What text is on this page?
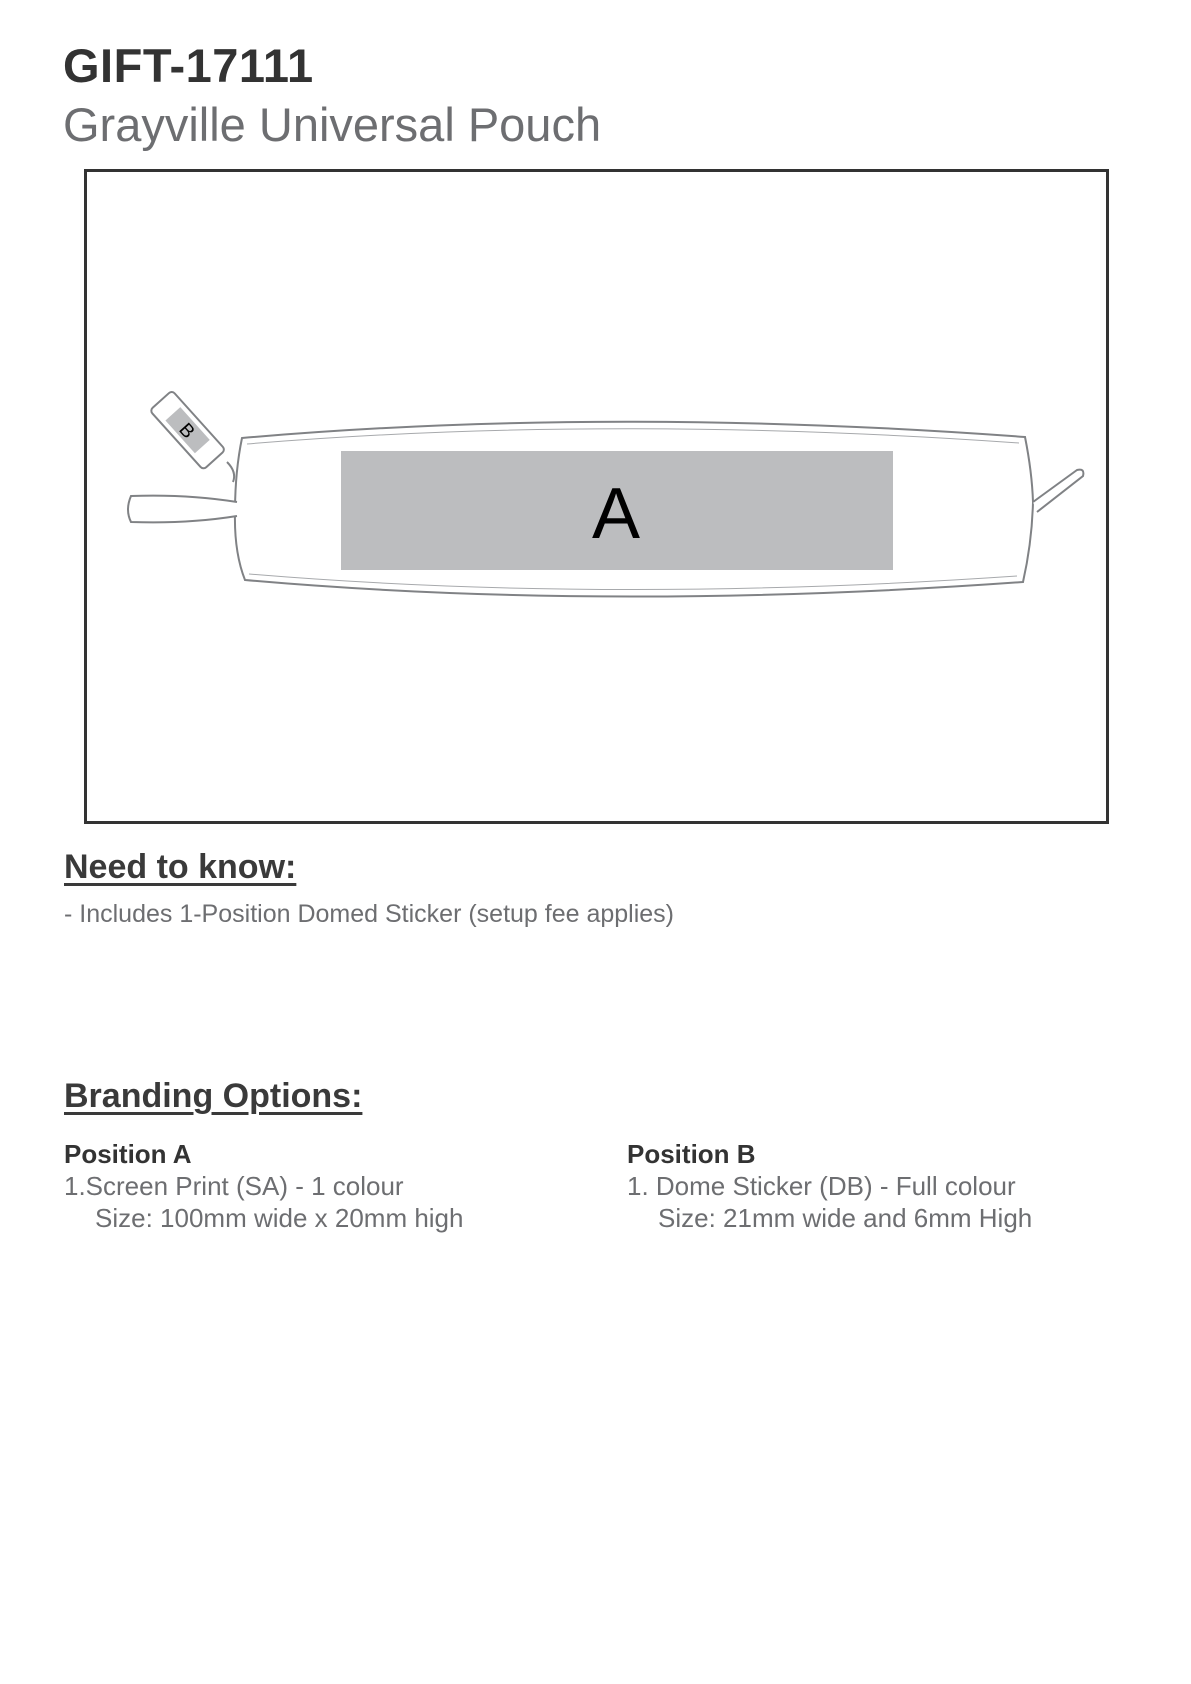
GIFT-17111
Grayville Universal Pouch
B
A
Need to know:
- Includes 1-Position Domed Sticker (setup fee applies)
Branding Options:
Position A
1.Screen Print (SA) - 1 colour
Size: 100mm wide x 20mm high
Position B
1. Dome Sticker (DB) - Full colour
Size: 21mm wide and 6mm High
